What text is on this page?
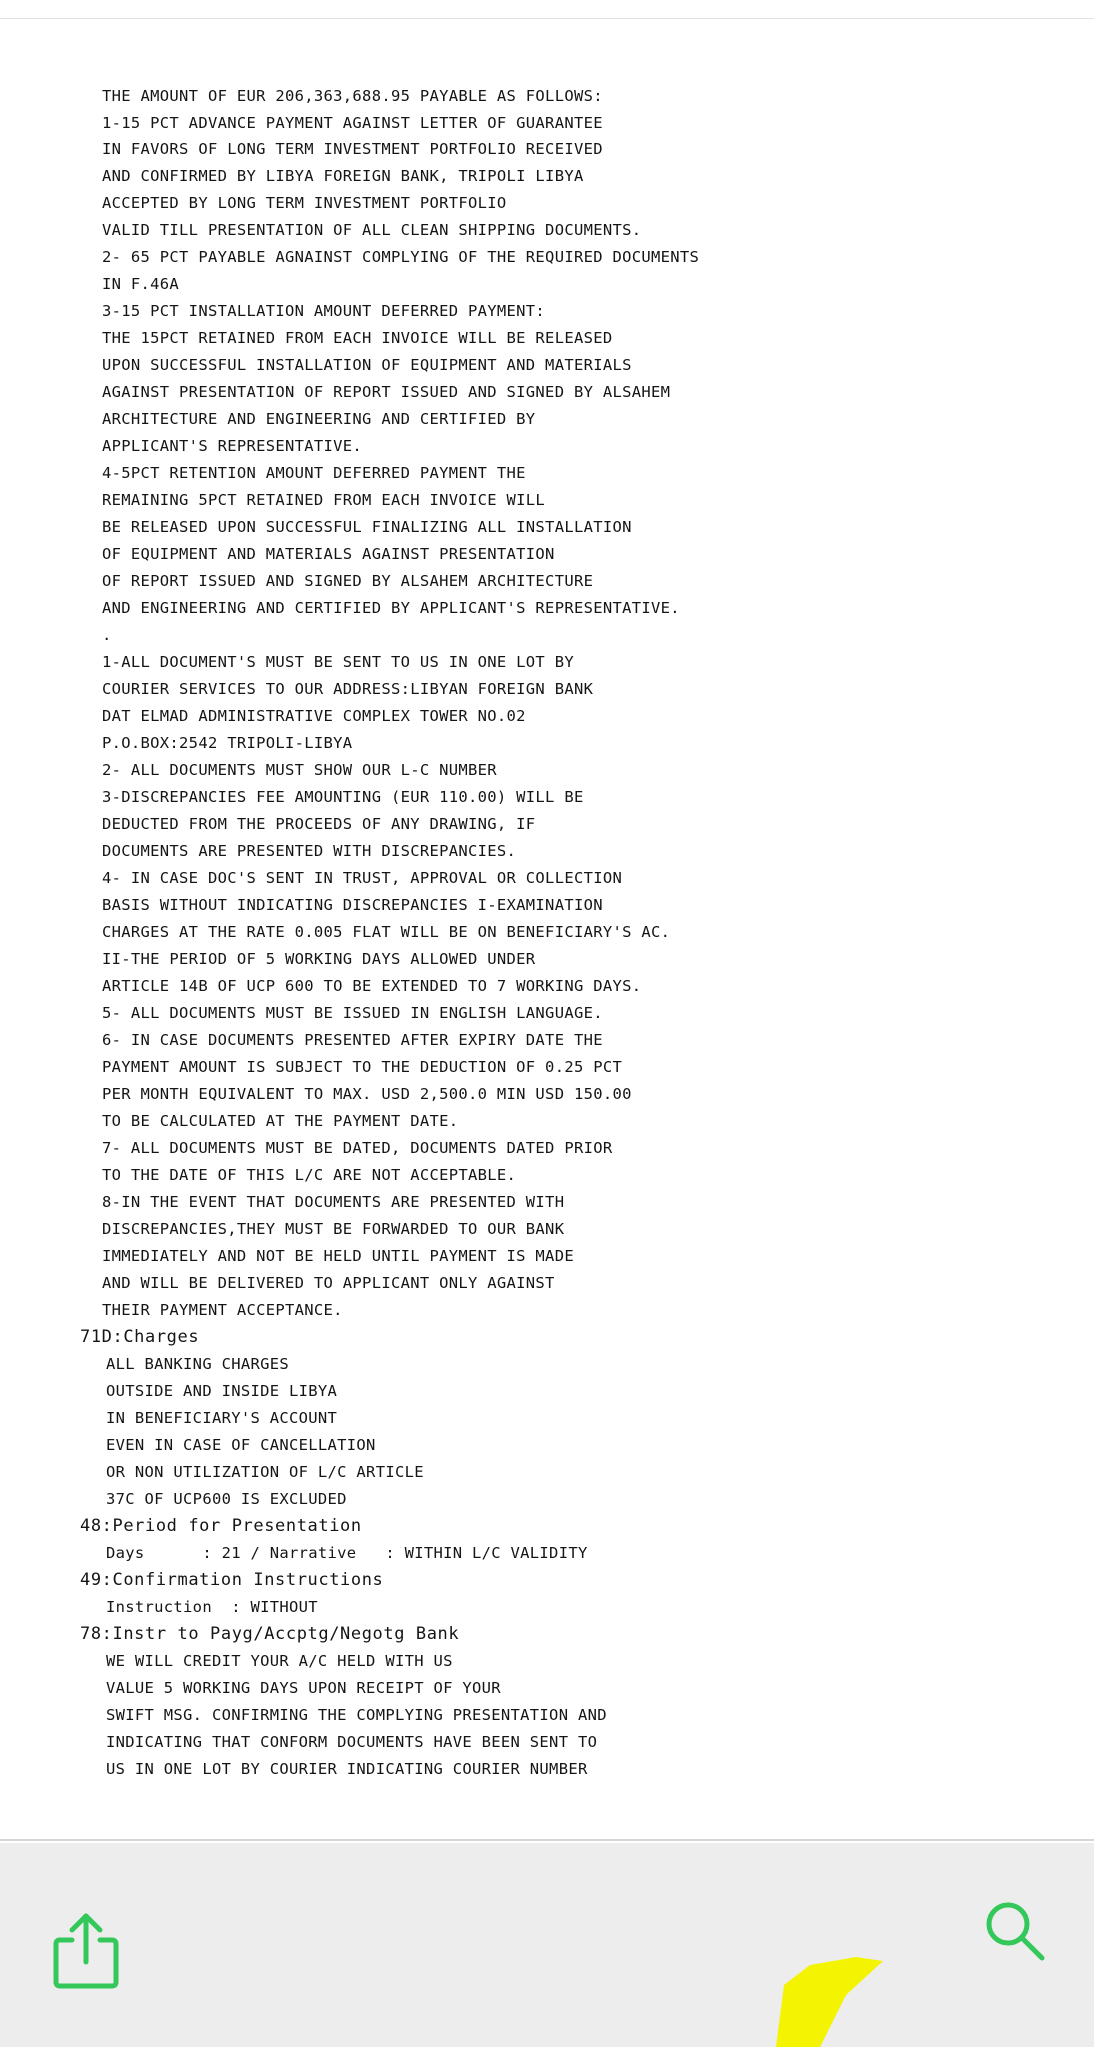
THE AMOUNT OF EUR 206,363,688.95 PAYABLE AS FOLLOWS:
1-15 PCT ADVANCE PAYMENT AGAINST LETTER OF GUARANTEE
IN FAVORS OF LONG TERM INVESTMENT PORTFOLIO RECEIVED
AND CONFIRMED BY LIBYA FOREIGN BANK, TRIPOLI LIBYA
ACCEPTED BY LONG TERM INVESTMENT PORTFOLIO
VALID TILL PRESENTATION OF ALL CLEAN SHIPPING DOCUMENTS.
2- 65 PCT PAYABLE AGNAINST COMPLYING OF THE REQUIRED DOCUMENTS
IN F.46A
3-15 PCT INSTALLATION AMOUNT DEFERRED PAYMENT:
THE 15PCT RETAINED FROM EACH INVOICE WILL BE RELEASED
UPON SUCCESSFUL INSTALLATION OF EQUIPMENT AND MATERIALS
AGAINST PRESENTATION OF REPORT ISSUED AND SIGNED BY ALSAHEM
ARCHITECTURE AND ENGINEERING AND CERTIFIED BY
APPLICANT'S REPRESENTATIVE.
4-5PCT RETENTION AMOUNT DEFERRED PAYMENT THE
REMAINING 5PCT RETAINED FROM EACH INVOICE WILL
BE RELEASED UPON SUCCESSFUL FINALIZING ALL INSTALLATION
OF EQUIPMENT AND MATERIALS AGAINST PRESENTATION
OF REPORT ISSUED AND SIGNED BY ALSAHEM ARCHITECTURE
AND ENGINEERING AND CERTIFIED BY APPLICANT'S REPRESENTATIVE.
.
1-ALL DOCUMENT'S MUST BE SENT TO US IN ONE LOT BY
COURIER SERVICES TO OUR ADDRESS:LIBYAN FOREIGN BANK
DAT ELMAD ADMINISTRATIVE COMPLEX TOWER NO.02
P.O.BOX:2542 TRIPOLI-LIBYA
2- ALL DOCUMENTS MUST SHOW OUR L-C NUMBER
3-DISCREPANCIES FEE AMOUNTING (EUR 110.00) WILL BE
DEDUCTED FROM THE PROCEEDS OF ANY DRAWING, IF
DOCUMENTS ARE PRESENTED WITH DISCREPANCIES.
4- IN CASE DOC'S SENT IN TRUST, APPROVAL OR COLLECTION
BASIS WITHOUT INDICATING DISCREPANCIES I-EXAMINATION
CHARGES AT THE RATE 0.005 FLAT WILL BE ON BENEFICIARY'S AC.
II-THE PERIOD OF 5 WORKING DAYS ALLOWED UNDER
ARTICLE 14B OF UCP 600 TO BE EXTENDED TO 7 WORKING DAYS.
5- ALL DOCUMENTS MUST BE ISSUED IN ENGLISH LANGUAGE.
6- IN CASE DOCUMENTS PRESENTED AFTER EXPIRY DATE THE
PAYMENT AMOUNT IS SUBJECT TO THE DEDUCTION OF 0.25 PCT
PER MONTH EQUIVALENT TO MAX. USD 2,500.0 MIN USD 150.00
TO BE CALCULATED AT THE PAYMENT DATE.
7- ALL DOCUMENTS MUST BE DATED, DOCUMENTS DATED PRIOR
TO THE DATE OF THIS L/C ARE NOT ACCEPTABLE.
8-IN THE EVENT THAT DOCUMENTS ARE PRESENTED WITH
DISCREPANCIES,THEY MUST BE FORWARDED TO OUR BANK
IMMEDIATELY AND NOT BE HELD UNTIL PAYMENT IS MADE
AND WILL BE DELIVERED TO APPLICANT ONLY AGAINST
THEIR PAYMENT ACCEPTANCE.
71D:Charges
ALL BANKING CHARGES
OUTSIDE AND INSIDE LIBYA
IN BENEFICIARY'S ACCOUNT
EVEN IN CASE OF CANCELLATION
OR NON UTILIZATION OF L/C ARTICLE
37C OF UCP600 IS EXCLUDED
48:Period for Presentation
Days      : 21 / Narrative   : WITHIN L/C VALIDITY
49:Confirmation Instructions
Instruction  : WITHOUT
78:Instr to Payg/Accptg/Negotg Bank
WE WILL CREDIT YOUR A/C HELD WITH US
VALUE 5 WORKING DAYS UPON RECEIPT OF YOUR
SWIFT MSG. CONFIRMING THE COMPLYING PRESENTATION AND
INDICATING THAT CONFORM DOCUMENTS HAVE BEEN SENT TO
US IN ONE LOT BY COURIER INDICATING COURIER NUMBER
